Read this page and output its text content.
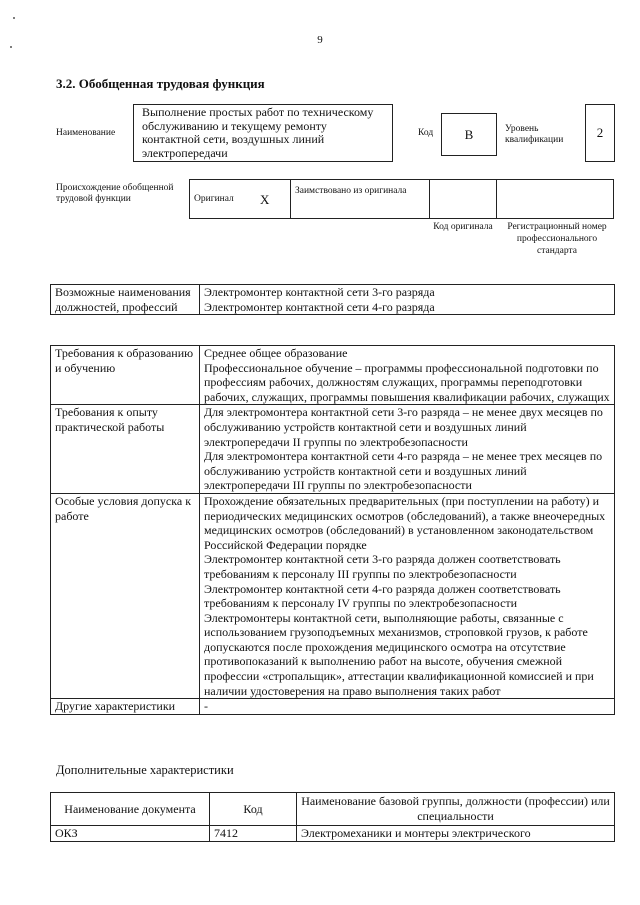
9
3.2. Обобщенная трудовая функция
Наименование
Выполнение простых работ по техническому обслуживанию и текущему ремонту контактной сети, воздушных линий электропередачи
Код	В	Уровень квалификации	2
Происхождение обобщенной трудовой функции	Оригинал	X	Заимствовано из оригинала		
Код оригинала	Регистрационный номер профессионального стандарта
Возможные наименования должностей, профессий	
Электромонтер контактной сети 3-го разряда
Электромонтер контактной сети 4-го разряда
Требования к образованию и обучению	Среднее общее образование
Профессиональное обучение – программы профессиональной подготовки по профессиям рабочих, должностям служащих, программы переподготовки рабочих, служащих, программы повышения квалификации рабочих, служащих

Требования к опыту практической работы	Для электромонтера контактной сети 3-го разряда – не менее двух месяцев по обслуживанию устройств контактной сети и воздушных линий электропередачи II группы по электробезопасности
Для электромонтера контактной сети 4-го разряда – не менее трех месяцев по обслуживанию устройств контактной сети и воздушных линий электропередачи III группы по электробезопасности

Особые условия допуска к работе	Прохождение обязательных предварительных (при поступлении на работу) и периодических медицинских осмотров (обследований), а также внеочередных медицинских осмотров (обследований) в установленном законодательством Российской Федерации порядке
Электромонтер контактной сети 3-го разряда должен соответствовать требованиям к персоналу III группы по электробезопасности
Электромонтер контактной сети 4-го разряда должен соответствовать требованиям к персоналу IV группы по электробезопасности
Электромонтеры контактной сети, выполняющие работы, связанные с использованием грузоподъемных механизмов, строповкой грузов, к работе допускаются после прохождения медицинского осмотра на отсутствие противопоказаний к выполнению работ на высоте, обучения смежной профессии «стропальщик», аттестации квалификационной комиссией и при наличии удостоверения на право выполнения таких работ

Другие характеристики	-
Дополнительные характеристики
Наименование документа	Код	Наименование базовой группы, должности (профессии) или специальности
ОКЗ	7412	Электромеханики и монтеры электрического
